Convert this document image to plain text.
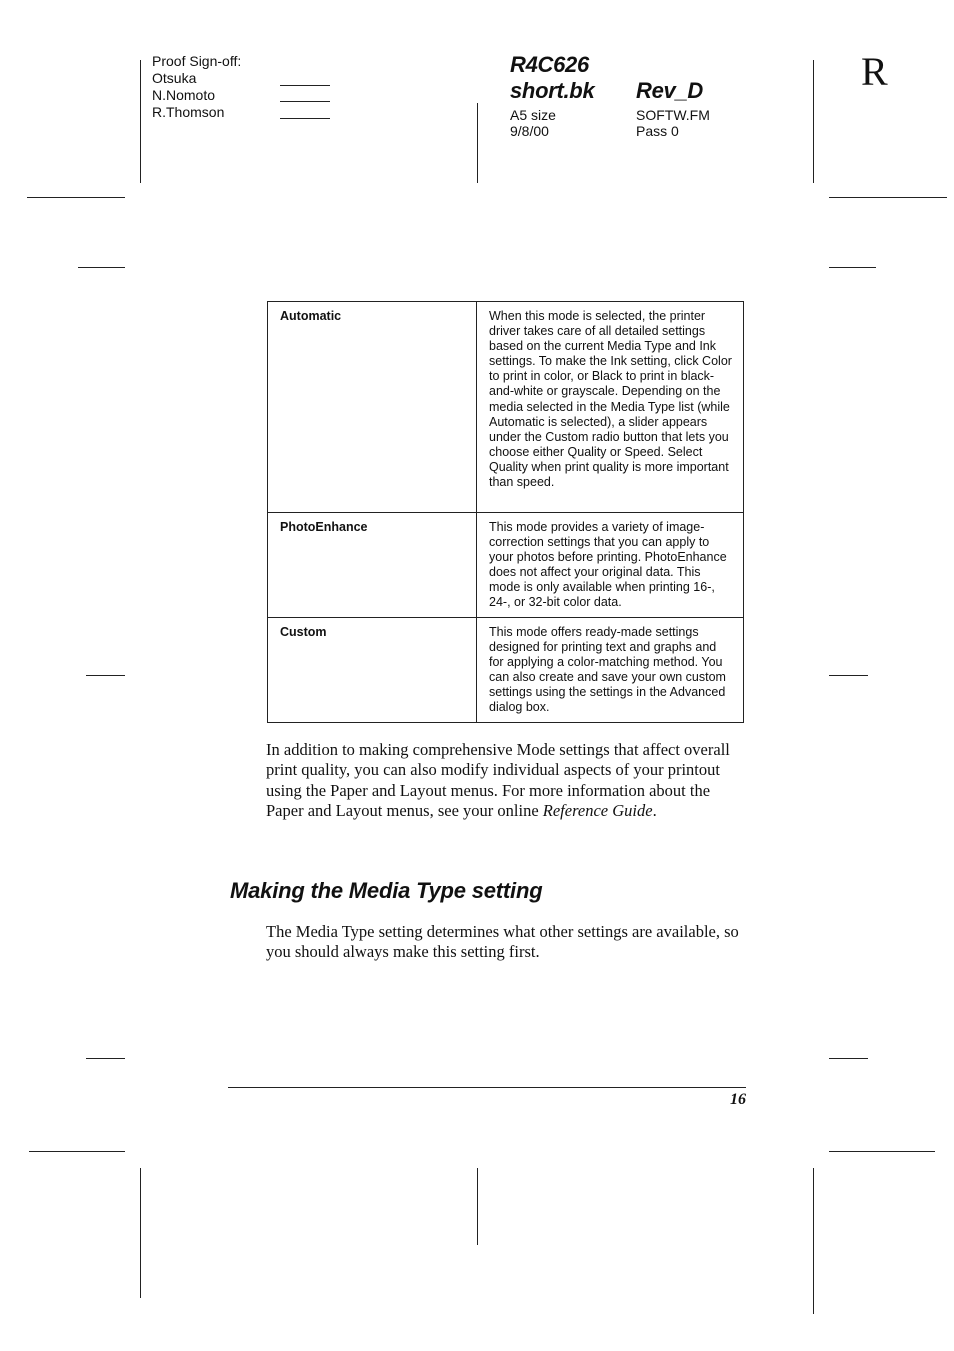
Proof Sign-off:
Otsuka
N.Nomoto
R.Thomson
R4C626
short.bk Rev_D
A5 size
9/8/00
SOFTW.FM
Pass 0
R
Automatic	When this mode is selected, the printer driver takes care of all detailed settings based on the current Media Type and Ink settings. To make the Ink setting, click Color to print in color, or Black to print in black-and-white or grayscale. Depending on the media selected in the Media Type list (while Automatic is selected), a slider appears under the Custom radio button that lets you choose either Quality or Speed. Select Quality when print quality is more important than speed.
PhotoEnhance	This mode provides a variety of image-correction settings that you can apply to your photos before printing. PhotoEnhance does not affect your original data. This mode is only available when printing 16-, 24-, or 32-bit color data.
Custom	This mode offers ready-made settings designed for printing text and graphs and for applying a color-matching method. You can also create and save your own custom settings using the settings in the Advanced dialog box.

In addition to making comprehensive Mode settings that affect overall print quality, you can also modify individual aspects of your printout using the Paper and Layout menus. For more information about the Paper and Layout menus, see your online Reference Guide.

Making the Media Type setting

The Media Type setting determines what other settings are available, so you should always make this setting first.

16
